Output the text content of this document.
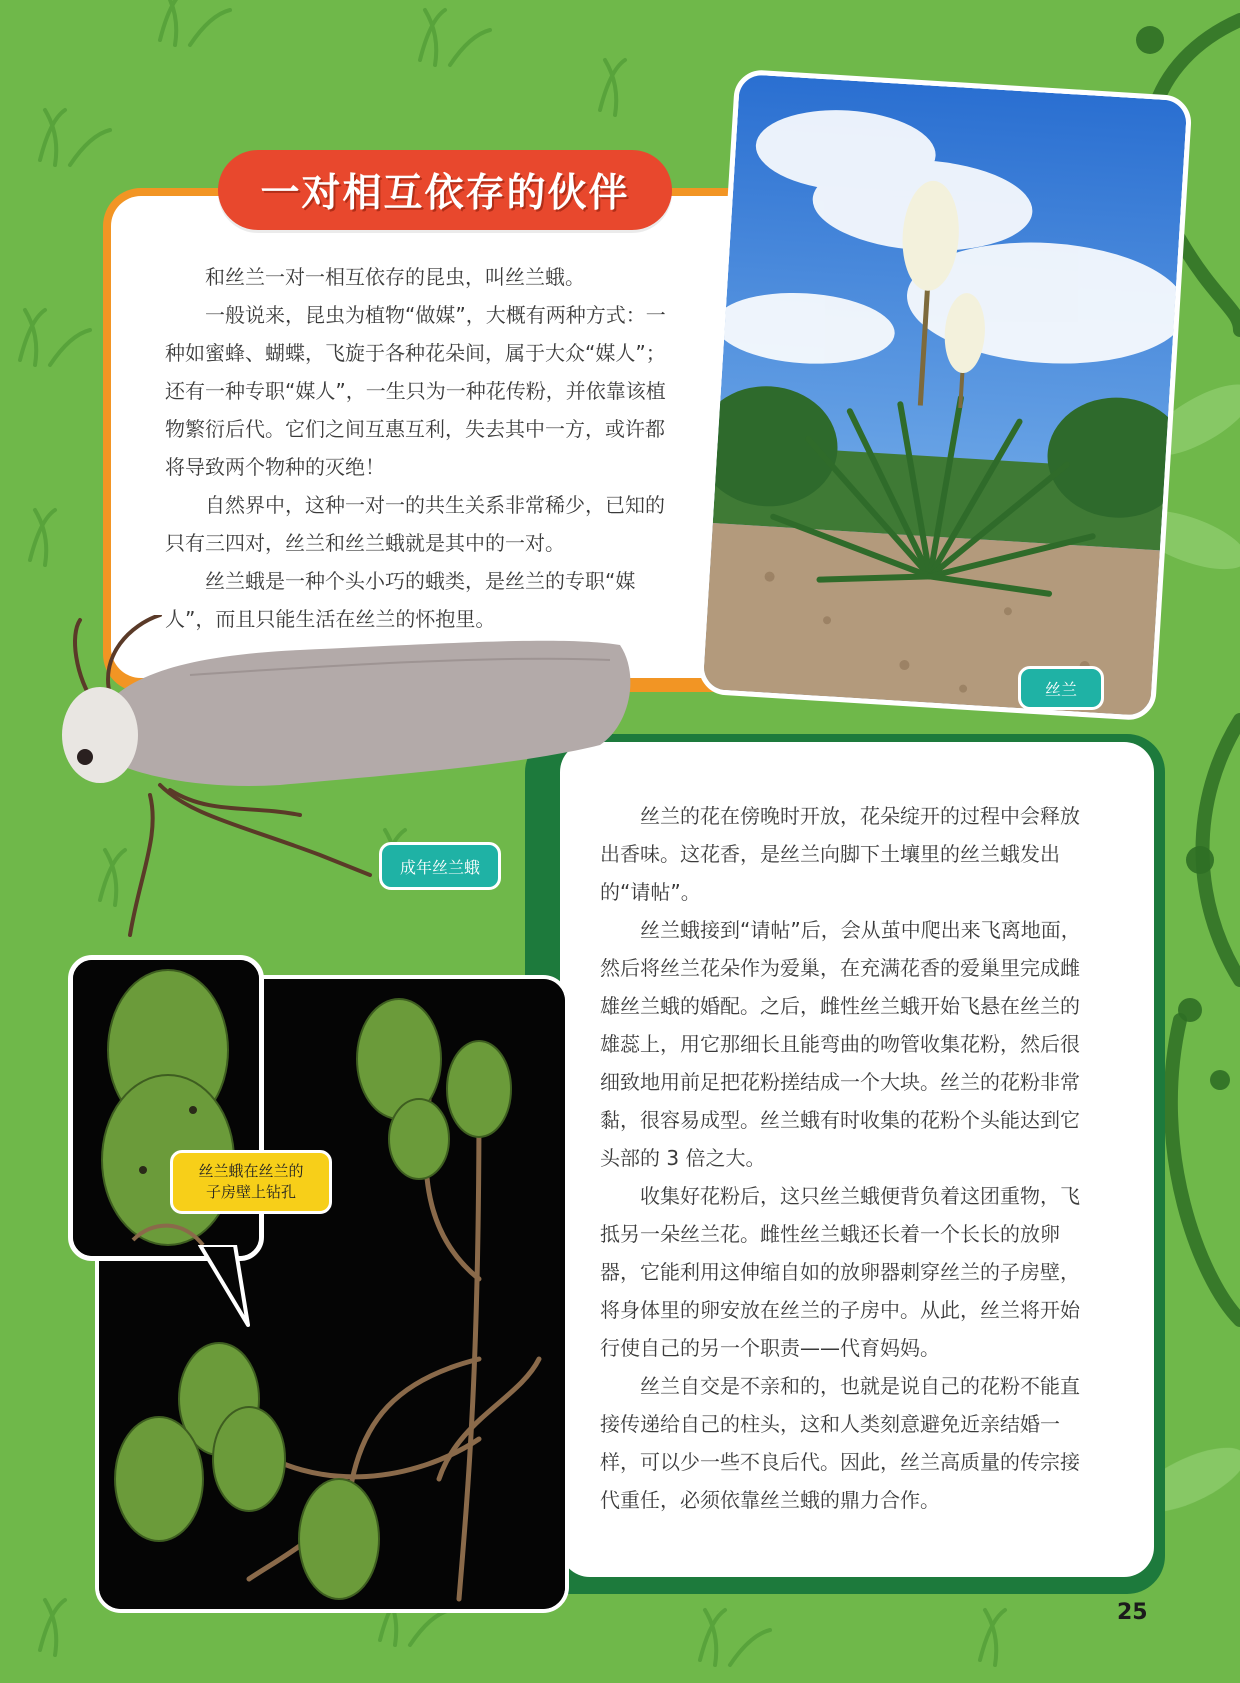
一对相互依存的伙伴

和丝兰一对一相互依存的昆虫，叫丝兰蛾。

一般说来，昆虫为植物“做媒”，大概有两种方式：一种如蜜蜂、蝴蝶，飞旋于各种花朵间，属于大众“媒人”；还有一种专职“媒人”，一生只为一种花传粉，并依靠该植物繁衍后代。它们之间互惠互利，失去其中一方，或许都将导致两个物种的灭绝！

自然界中，这种一对一的共生关系非常稀少，已知的只有三四对，丝兰和丝兰蛾就是其中的一对。

丝兰蛾是一种个头小巧的蛾类，是丝兰的专职“媒人”，而且只能生活在丝兰的怀抱里。

丝兰

丝兰的花在傍晚时开放，花朵绽开的过程中会释放出香味。这花香，是丝兰向脚下土壤里的丝兰蛾发出的“请帖”。

丝兰蛾接到“请帖”后，会从茧中爬出来飞离地面，然后将丝兰花朵作为爱巢，在充满花香的爱巢里完成雌雄丝兰蛾的婚配。之后，雌性丝兰蛾开始飞悬在丝兰的雄蕊上，用它那细长且能弯曲的吻管收集花粉，然后很细致地用前足把花粉搓结成一个大块。丝兰的花粉非常黏，很容易成型。丝兰蛾有时收集的花粉个头能达到它头部的 3 倍之大。

收集好花粉后，这只丝兰蛾便背负着这团重物，飞抵另一朵丝兰花。雌性丝兰蛾还长着一个长长的放卵器，它能利用这伸缩自如的放卵器刺穿丝兰的子房壁，将身体里的卵安放在丝兰的子房中。从此，丝兰将开始行使自己的另一个职责——代育妈妈。

丝兰自交是不亲和的，也就是说自己的花粉不能直接传递给自己的柱头，这和人类刻意避免近亲结婚一样，可以少一些不良后代。因此，丝兰高质量的传宗接代重任，必须依靠丝兰蛾的鼎力合作。

成年丝兰蛾
丝兰蛾在丝兰的
子房壁上钻孔
25
